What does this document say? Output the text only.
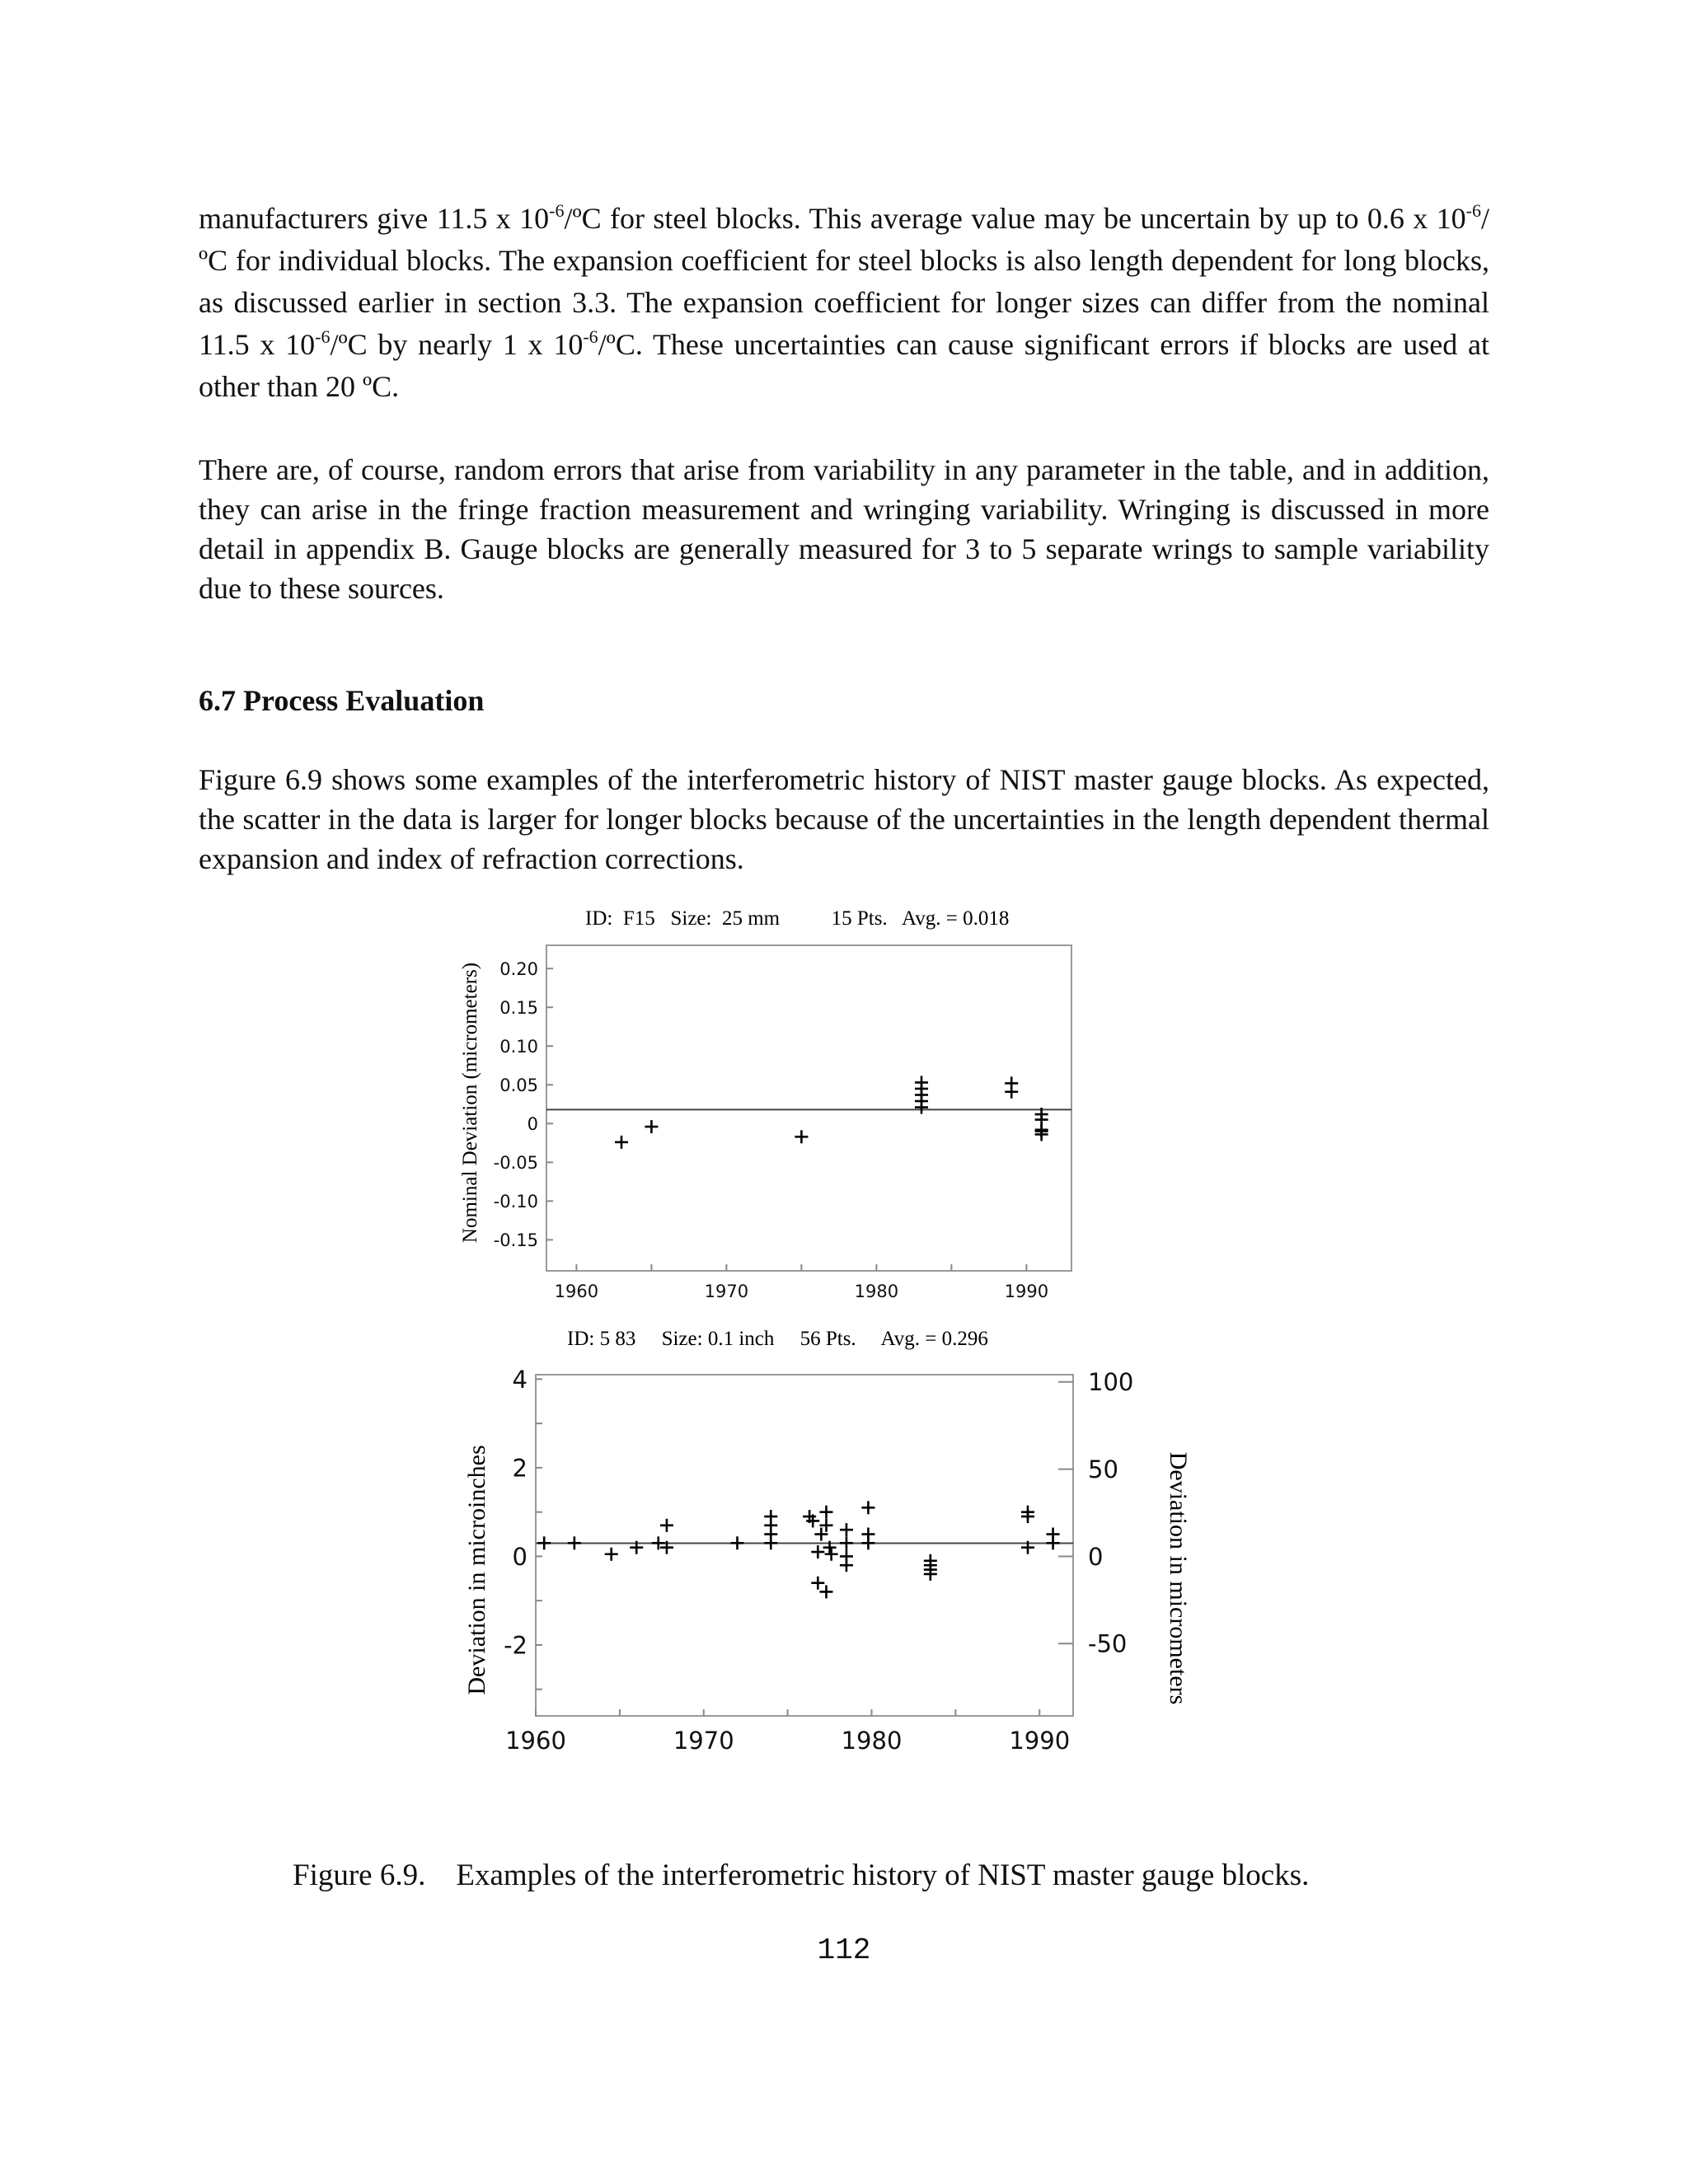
manufacturers give 11.5 x $10^{-6}/ºC$ for steel blocks. This average value may be uncertain by up to 0.6 x $10^{-6}/ºC$ for individual blocks. The expansion coefficient for steel blocks is also length dependent for long blocks, as discussed earlier in section 3.3. The expansion coefficient for longer sizes can differ from the nominal 11.5 x $10^{-6}/ºC$ by nearly 1 x $10^{-6}/ºC$. These uncertainties can cause significant errors if blocks are used at other than 20 ºC.

There are, of course, random errors that arise from variability in any parameter in the table, and in addition, they can arise in the fringe fraction measurement and wringing variability. Wringing is discussed in more detail in appendix B. Gauge blocks are generally measured for 3 to 5 separate wrings to sample variability due to these sources.

6.7 Process Evaluation

Figure 6.9 shows some examples of the interferometric history of NIST master gauge blocks. As expected, the scatter in the data is larger for longer blocks because of the uncertainties in the length dependent thermal expansion and index of refraction corrections.

ID:  F15   Size:  25 mm          15 Pts.   Avg. = 0.018
Nominal Deviation (micrometers)
1960	1970	1980	1990
0.20
0.15
0.10
0.05
0
-0.05
-0.10
-0.15
ID: 5 83     Size: 0.1 inch     56 Pts.     Avg. = 0.296
Deviation in microinches	Deviation in micrometers
1960	1970	1980	1990
4
2
0
-2
100
50
0
-50

Figure 6.9.    Examples of the interferometric history of NIST master gauge blocks.

112
